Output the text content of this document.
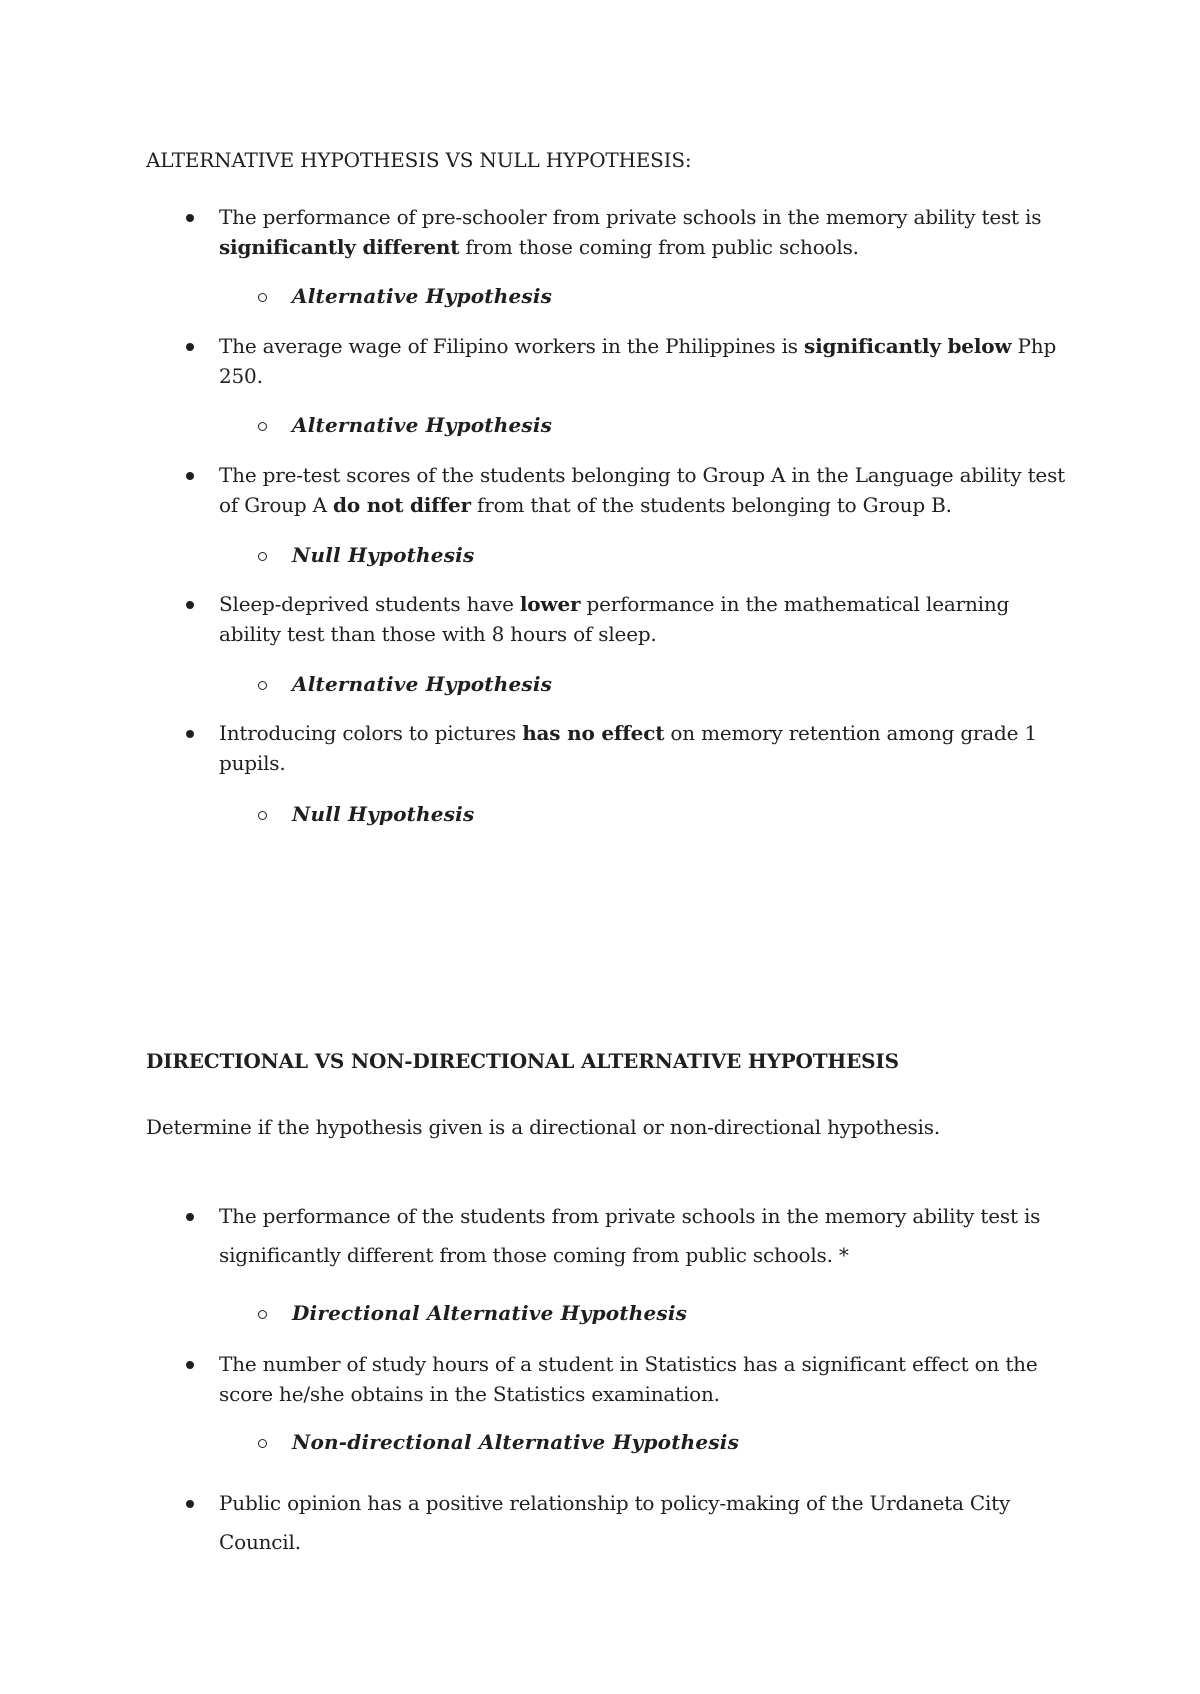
ALTERNATIVE HYPOTHESIS VS NULL HYPOTHESIS:
The performance of pre-schooler from private schools in the memory ability test is
significantly different from those coming from public schools.
Alternative Hypothesis
The average wage of Filipino workers in the Philippines is significantly below Php
250.
Alternative Hypothesis
The pre-test scores of the students belonging to Group A in the Language ability test
of Group A do not differ from that of the students belonging to Group B.
Null Hypothesis
Sleep-deprived students have lower performance in the mathematical learning
ability test than those with 8 hours of sleep.
Alternative Hypothesis
Introducing colors to pictures has no effect on memory retention among grade 1
pupils.
Null Hypothesis
DIRECTIONAL VS NON-DIRECTIONAL ALTERNATIVE HYPOTHESIS
Determine if the hypothesis given is a directional or non-directional hypothesis.
The performance of the students from private schools in the memory ability test is
significantly different from those coming from public schools. *
Directional Alternative Hypothesis
The number of study hours of a student in Statistics has a significant effect on the
score he/she obtains in the Statistics examination.
Non-directional Alternative Hypothesis
Public opinion has a positive relationship to policy-making of the Urdaneta City
Council.
